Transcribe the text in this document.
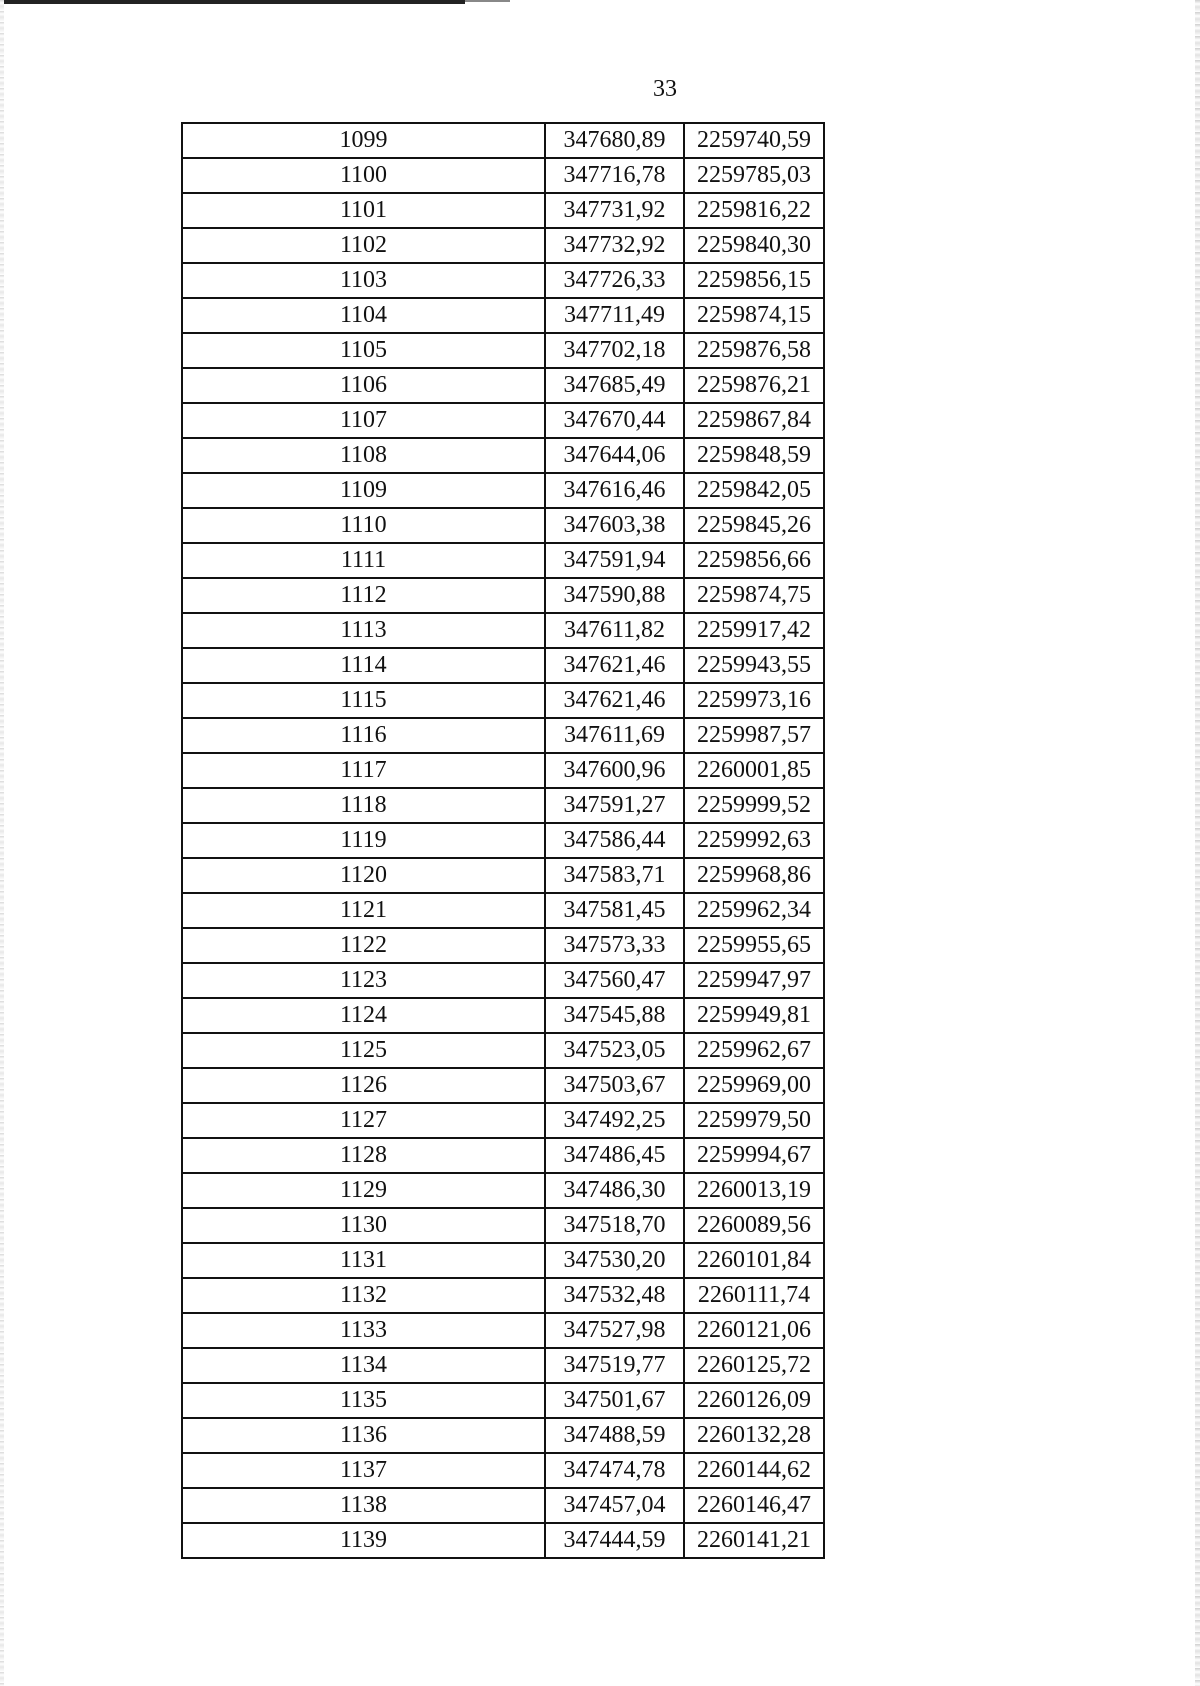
33
1099	347680,89	2259740,59
1100	347716,78	2259785,03
1101	347731,92	2259816,22
1102	347732,92	2259840,30
1103	347726,33	2259856,15
1104	347711,49	2259874,15
1105	347702,18	2259876,58
1106	347685,49	2259876,21
1107	347670,44	2259867,84
1108	347644,06	2259848,59
1109	347616,46	2259842,05
1110	347603,38	2259845,26
1111	347591,94	2259856,66
1112	347590,88	2259874,75
1113	347611,82	2259917,42
1114	347621,46	2259943,55
1115	347621,46	2259973,16
1116	347611,69	2259987,57
1117	347600,96	2260001,85
1118	347591,27	2259999,52
1119	347586,44	2259992,63
1120	347583,71	2259968,86
1121	347581,45	2259962,34
1122	347573,33	2259955,65
1123	347560,47	2259947,97
1124	347545,88	2259949,81
1125	347523,05	2259962,67
1126	347503,67	2259969,00
1127	347492,25	2259979,50
1128	347486,45	2259994,67
1129	347486,30	2260013,19
1130	347518,70	2260089,56
1131	347530,20	2260101,84
1132	347532,48	2260111,74
1133	347527,98	2260121,06
1134	347519,77	2260125,72
1135	347501,67	2260126,09
1136	347488,59	2260132,28
1137	347474,78	2260144,62
1138	347457,04	2260146,47
1139	347444,59	2260141,21
